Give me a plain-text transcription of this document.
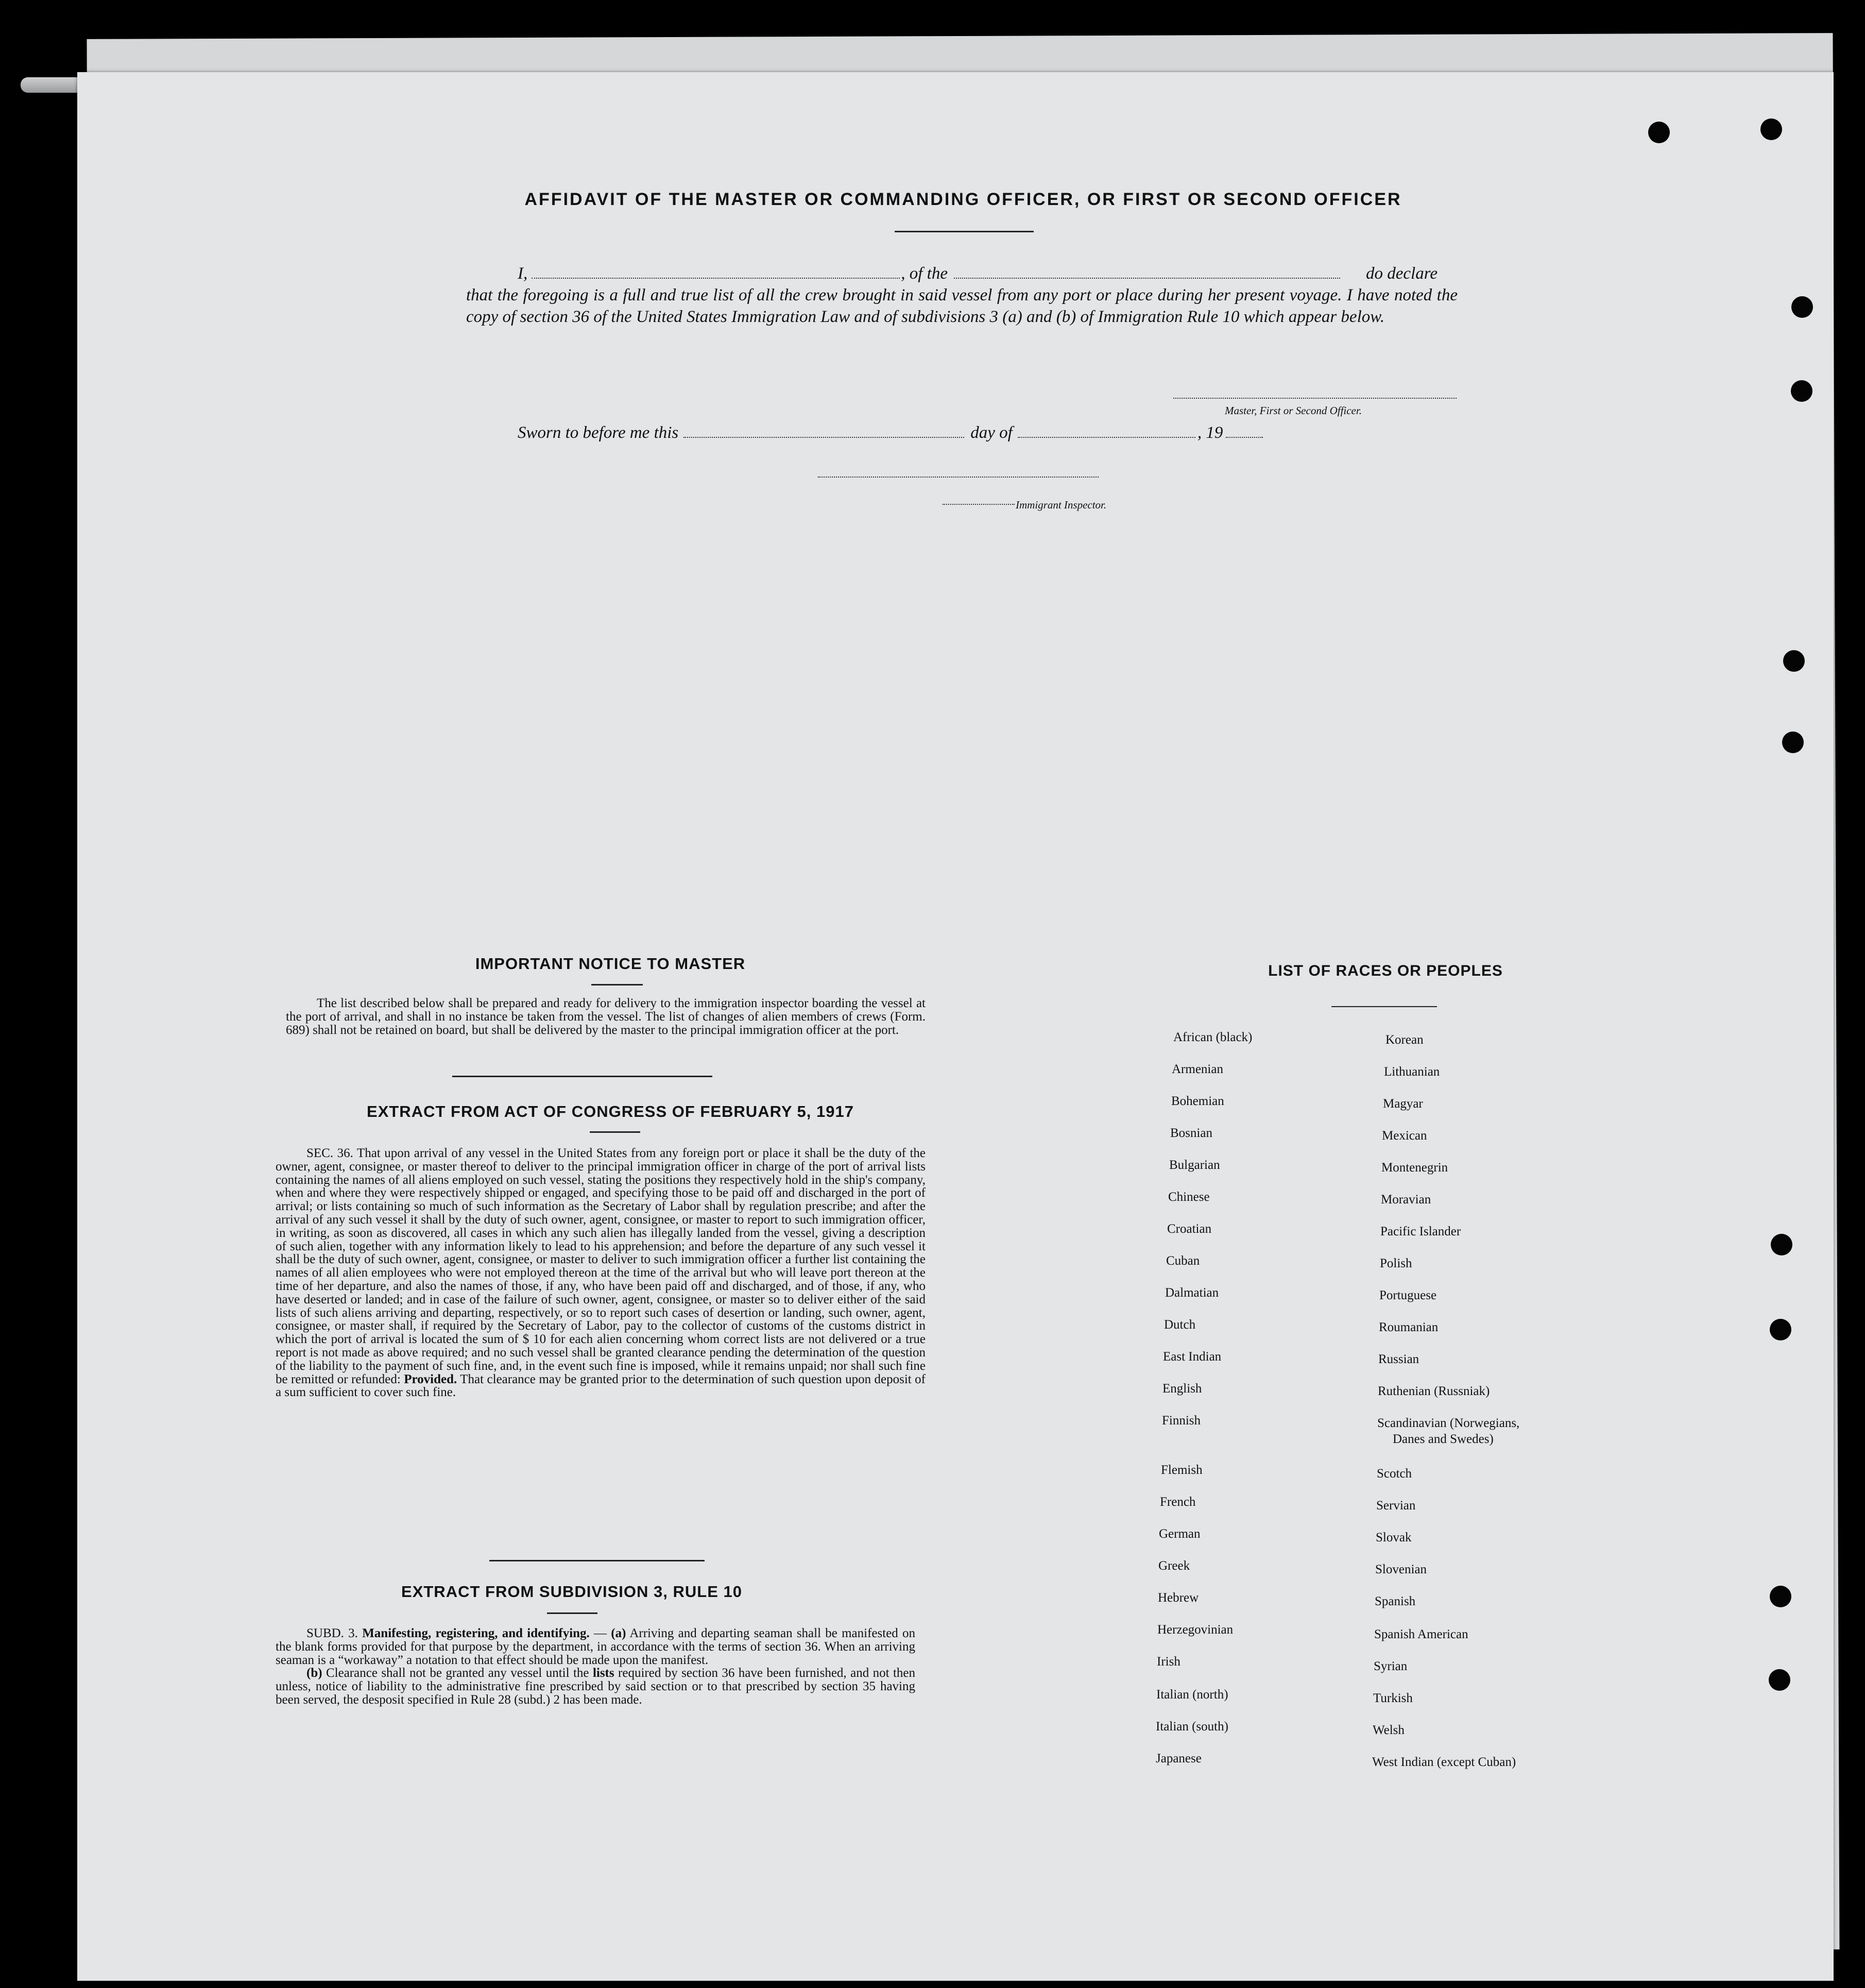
AFFIDAVIT OF THE MASTER OR COMMANDING OFFICER, OR FIRST OR SECOND OFFICER
I,	, of the	do declare
that the foregoing is a full and true list of all the crew brought in said vessel from any port or place during her present voyage. I have noted the copy of section 36 of the United States Immigration Law and of subdivisions 3 (a) and (b) of Immigration Rule 10 which appear below.
Master, First or Second Officer.
Sworn to before me this	day of	, 19
Immigrant Inspector.
IMPORTANT NOTICE TO MASTER

The list described below shall be prepared and ready for delivery to the immigration inspector boarding the vessel at the port of arrival, and shall in no instance be taken from the vessel. The list of changes of alien members of crews (Form. 689) shall not be retained on board, but shall be delivered by the master to the principal immigration officer at the port.

EXTRACT FROM ACT OF CONGRESS OF FEBRUARY 5, 1917

SEC. 36. That upon arrival of any vessel in the United States from any foreign port or place it shall be the duty of the owner, agent, consignee, or master thereof to deliver to the principal immigration officer in charge of the port of arrival lists containing the names of all aliens employed on such vessel, stating the positions they respectively hold in the ship's company, when and where they were respectively shipped or engaged, and specifying those to be paid off and discharged in the port of arrival; or lists containing so much of such information as the Secretary of Labor shall by regulation prescribe; and after the arrival of any such vessel it shall by the duty of such owner, agent, consignee, or master to report to such immigration officer, in writing, as soon as discovered, all cases in which any such alien has illegally landed from the vessel, giving a description of such alien, together with any information likely to lead to his apprehension; and before the departure of any such vessel it shall be the duty of such owner, agent, consignee, or master to deliver to such immigration officer a further list containing the names of all alien employees who were not employed thereon at the time of the arrival but who will leave port thereon at the time of her departure, and also the names of those, if any, who have been paid off and discharged, and of those, if any, who have deserted or landed; and in case of the failure of such owner, agent, consignee, or master so to deliver either of the said lists of such aliens arriving and departing, respectively, or so to report such cases of desertion or landing, such owner, agent, consignee, or master shall, if required by the Secretary of Labor, pay to the collector of customs of the customs district in which the port of arrival is located the sum of $ 10 for each alien concerning whom correct lists are not delivered or a true report is not made as above required; and no such vessel shall be granted clearance pending the determination of the question of the liability to the payment of such fine, and, in the event such fine is imposed, while it remains unpaid; nor shall such fine be remitted or refunded: Provided. That clearance may be granted prior to the determination of such question upon deposit of a sum sufficient to cover such fine.

EXTRACT FROM SUBDIVISION 3, RULE 10

SUBD. 3. Manifesting, registering, and identifying. — (a) Arriving and departing seaman shall be manifested on the blank forms provided for that purpose by the department, in accordance with the terms of section 36. When an arriving seaman is a “workaway” a notation to that effect should be made upon the manifest.

(b) Clearance shall not be granted any vessel until the lists required by section 36 have been furnished, and not then unless, notice of liability to the administrative fine prescribed by said section or to that prescribed by section 35 having been served, the desposit specified in Rule 28 (subd.) 2 has been made.

LIST OF RACES OR PEOPLES
African (black)
Armenian
Bohemian
Bosnian
Bulgarian
Chinese
Croatian
Cuban
Dalmatian
Dutch
East Indian
English
Finnish
Flemish
French
German
Greek
Hebrew
Herzegovinian
Irish
Italian (north)
Italian (south)
Japanese
Korean
Lithuanian
Magyar
Mexican
Montenegrin
Moravian
Pacific Islander
Polish
Portuguese
Roumanian
Russian
Ruthenian (Russniak)
Scandinavian (Norwegians,
Danes and Swedes)
Scotch
Servian
Slovak
Slovenian
Spanish
Spanish American
Syrian
Turkish
Welsh
West Indian (except Cuban)
